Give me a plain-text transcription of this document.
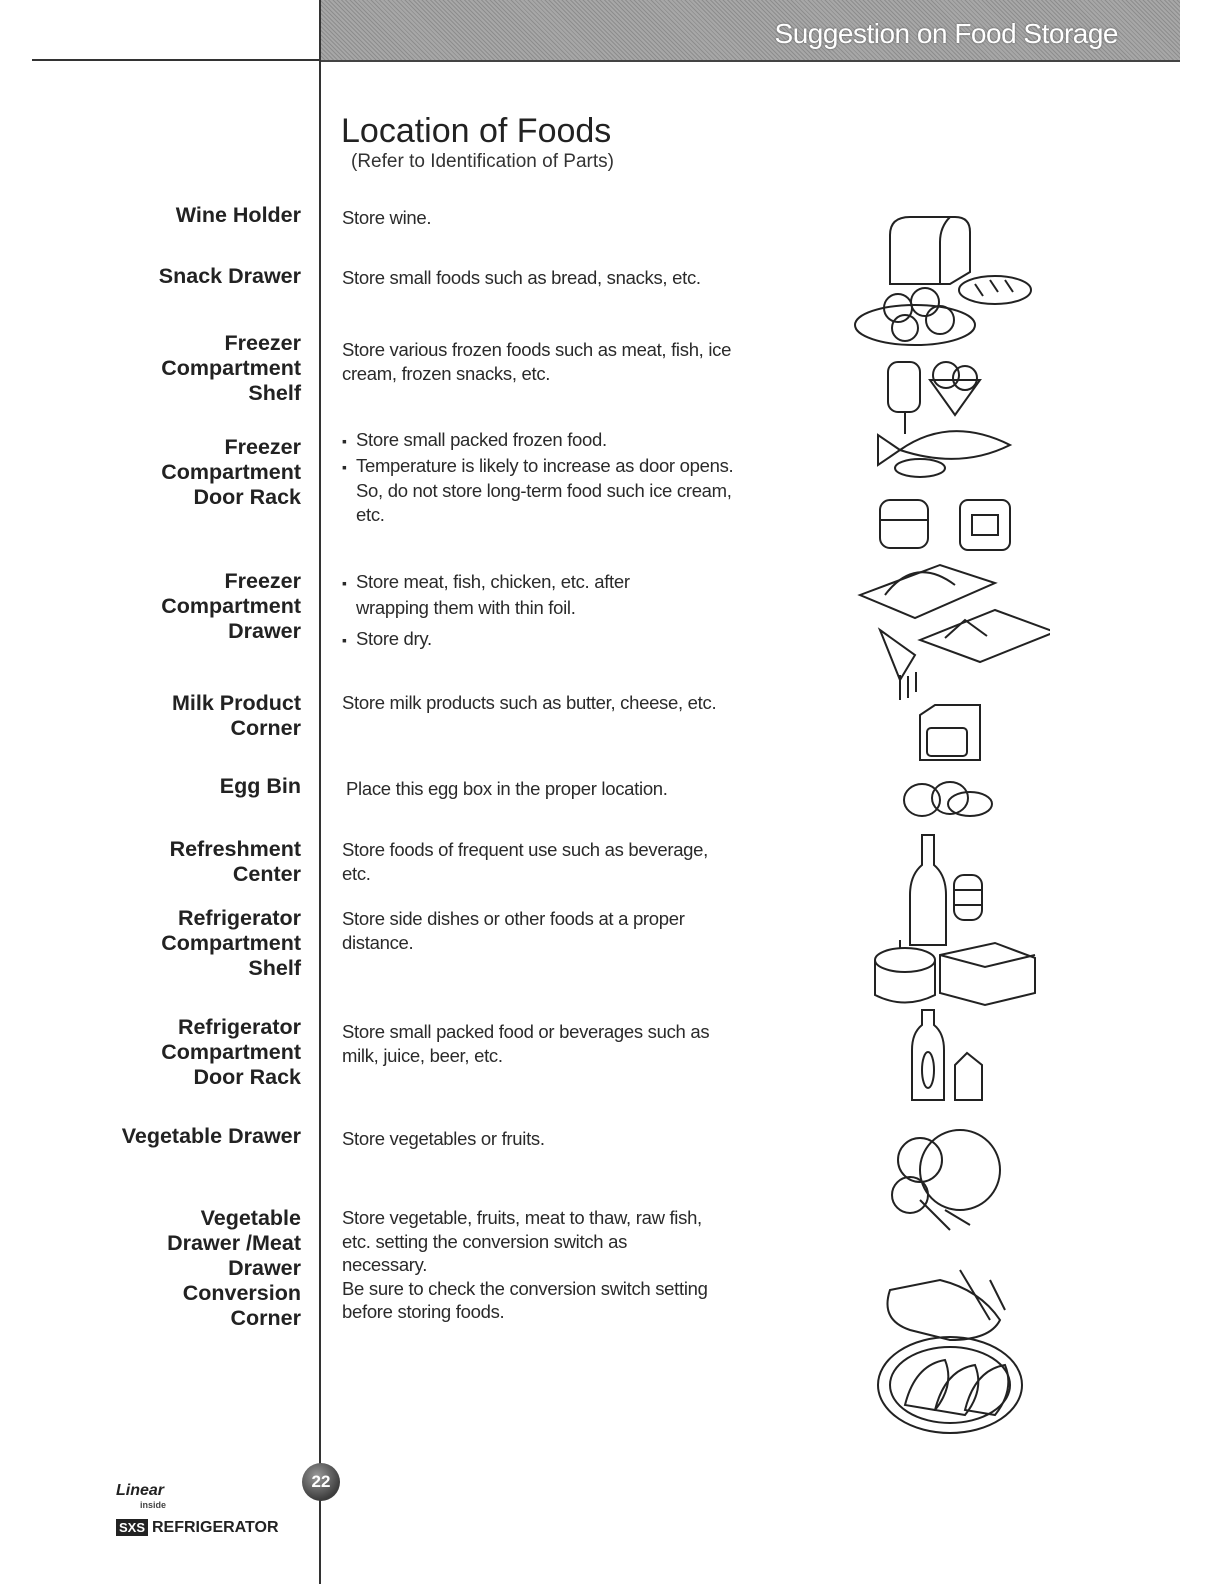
Suggestion on Food Storage
Location of Foods
(Refer to Identification of Parts)
Wine Holder
Snack Drawer
Freezer Compartment Shelf
Freezer Compartment Door Rack
Freezer Compartment Drawer
Milk Product Corner
Egg Bin
Refreshment Center
Refrigerator Compartment Shelf
Refrigerator Compartment Door Rack
Vegetable Drawer
Vegetable Drawer /Meat Drawer Conversion Corner

Store wine.

Store small foods such as bread, snacks, etc.

Store various frozen foods such as meat, fish, ice cream, frozen snacks, etc.

▪ Store small packed frozen food.

▪ Temperature is likely to increase as door opens. So, do not store long-term food such ice cream, etc.

▪ Store meat, fish, chicken, etc. after wrapping them with thin foil.

▪ Store dry.

Store milk products such as butter, cheese, etc.

Place this egg box in the proper location.

Store foods of frequent use such as beverage, etc.

Store side dishes or other foods at a proper distance.

Store small packed food or beverages such as milk, juice, beer, etc.

Store vegetables or fruits.

Store vegetable, fruits, meat to thaw, raw fish, etc. setting the conversion switch as necessary.

Be sure to check the conversion switch setting before storing foods.

22
Linear
inside
SXS REFRIGERATOR
